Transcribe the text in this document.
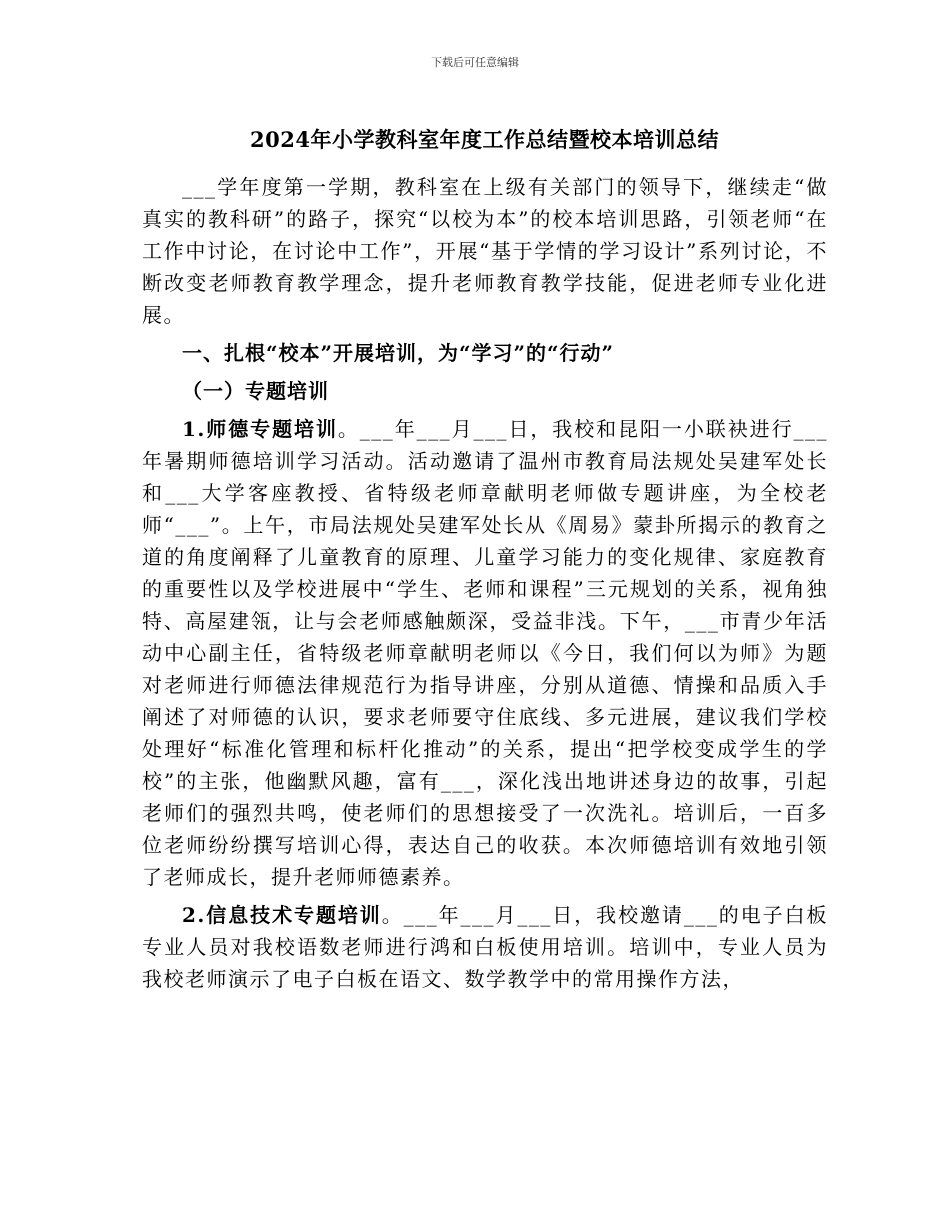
下载后可任意编辑
2024年小学教科室年度工作总结暨校本培训总结

___学年度第一学期，教科室在上级有关部门的领导下，继续走“做真实的教科研”的路子，探究“以校为本”的校本培训思路，引领老师“在工作中讨论，在讨论中工作”，开展“基于学情的学习设计”系列讨论，不断改变老师教育教学理念，提升老师教育教学技能，促进老师专业化进展。

一、扎根“校本”开展培训，为“学习”的“行动”

（一）专题培训

1.师德专题培训。___年___月___日，我校和昆阳一小联袂进行___年暑期师德培训学习活动。活动邀请了温州市教育局法规处吴建军处长和___大学客座教授、省特级老师章献明老师做专题讲座，为全校老师“___”。上午，市局法规处吴建军处长从《周易》蒙卦所揭示的教育之道的角度阐释了儿童教育的原理、儿童学习能力的变化规律、家庭教育的重要性以及学校进展中“学生、老师和课程”三元规划的关系，视角独特、高屋建瓴，让与会老师感触颇深，受益非浅。下午，___市青少年活动中心副主任，省特级老师章献明老师以《今日，我们何以为师》为题对老师进行师德法律规范行为指导讲座，分别从道德、情操和品质入手阐述了对师德的认识，要求老师要守住底线、多元进展，建议我们学校处理好“标准化管理和标杆化推动”的关系，提出“把学校变成学生的学校”的主张，他幽默风趣，富有___，深化浅出地讲述身边的故事，引起老师们的强烈共鸣，使老师们的思想接受了一次洗礼。培训后，一百多位老师纷纷撰写培训心得，表达自己的收获。本次师德培训有效地引领了老师成长，提升老师师德素养。

2.信息技术专题培训。___年___月___日，我校邀请___的电子白板专业人员对我校语数老师进行鸿和白板使用培训。培训中，专业人员为我校老师演示了电子白板在语文、数学教学中的常用操作方法，
